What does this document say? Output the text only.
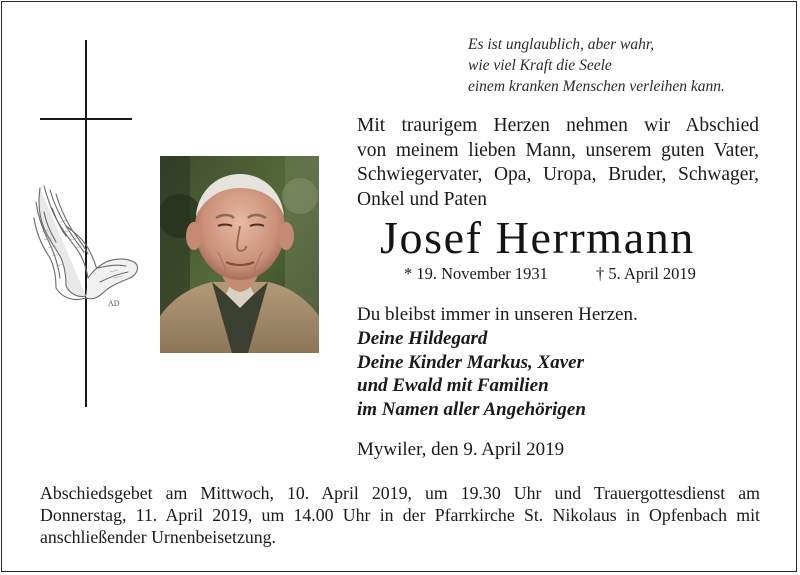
Es ist unglaublich, aber wahr,
wie viel Kraft die Seele
einem kranken Menschen verleihen kann.
AD
Mit traurigem Herzen nehmen wir Abschied
von meinem lieben Mann, unserem guten Vater,
Schwiegervater, Opa, Uropa, Bruder, Schwager,
Onkel und Paten
Josef Herrmann
* 19. November 1931	† 5. April 2019
Du bleibst immer in unseren Herzen.
Deine Hildegard
Deine Kinder Markus, Xaver
und Ewald mit Familien
im Namen aller Angehörigen
Mywiler, den 9. April 2019
Abschiedsgebet am Mittwoch, 10. April 2019, um 19.30 Uhr und Trauergottesdienst am
Donnerstag, 11. April 2019, um 14.00 Uhr in der Pfarrkirche St. Nikolaus in Opfenbach mit
anschließender Urnenbeisetzung.
